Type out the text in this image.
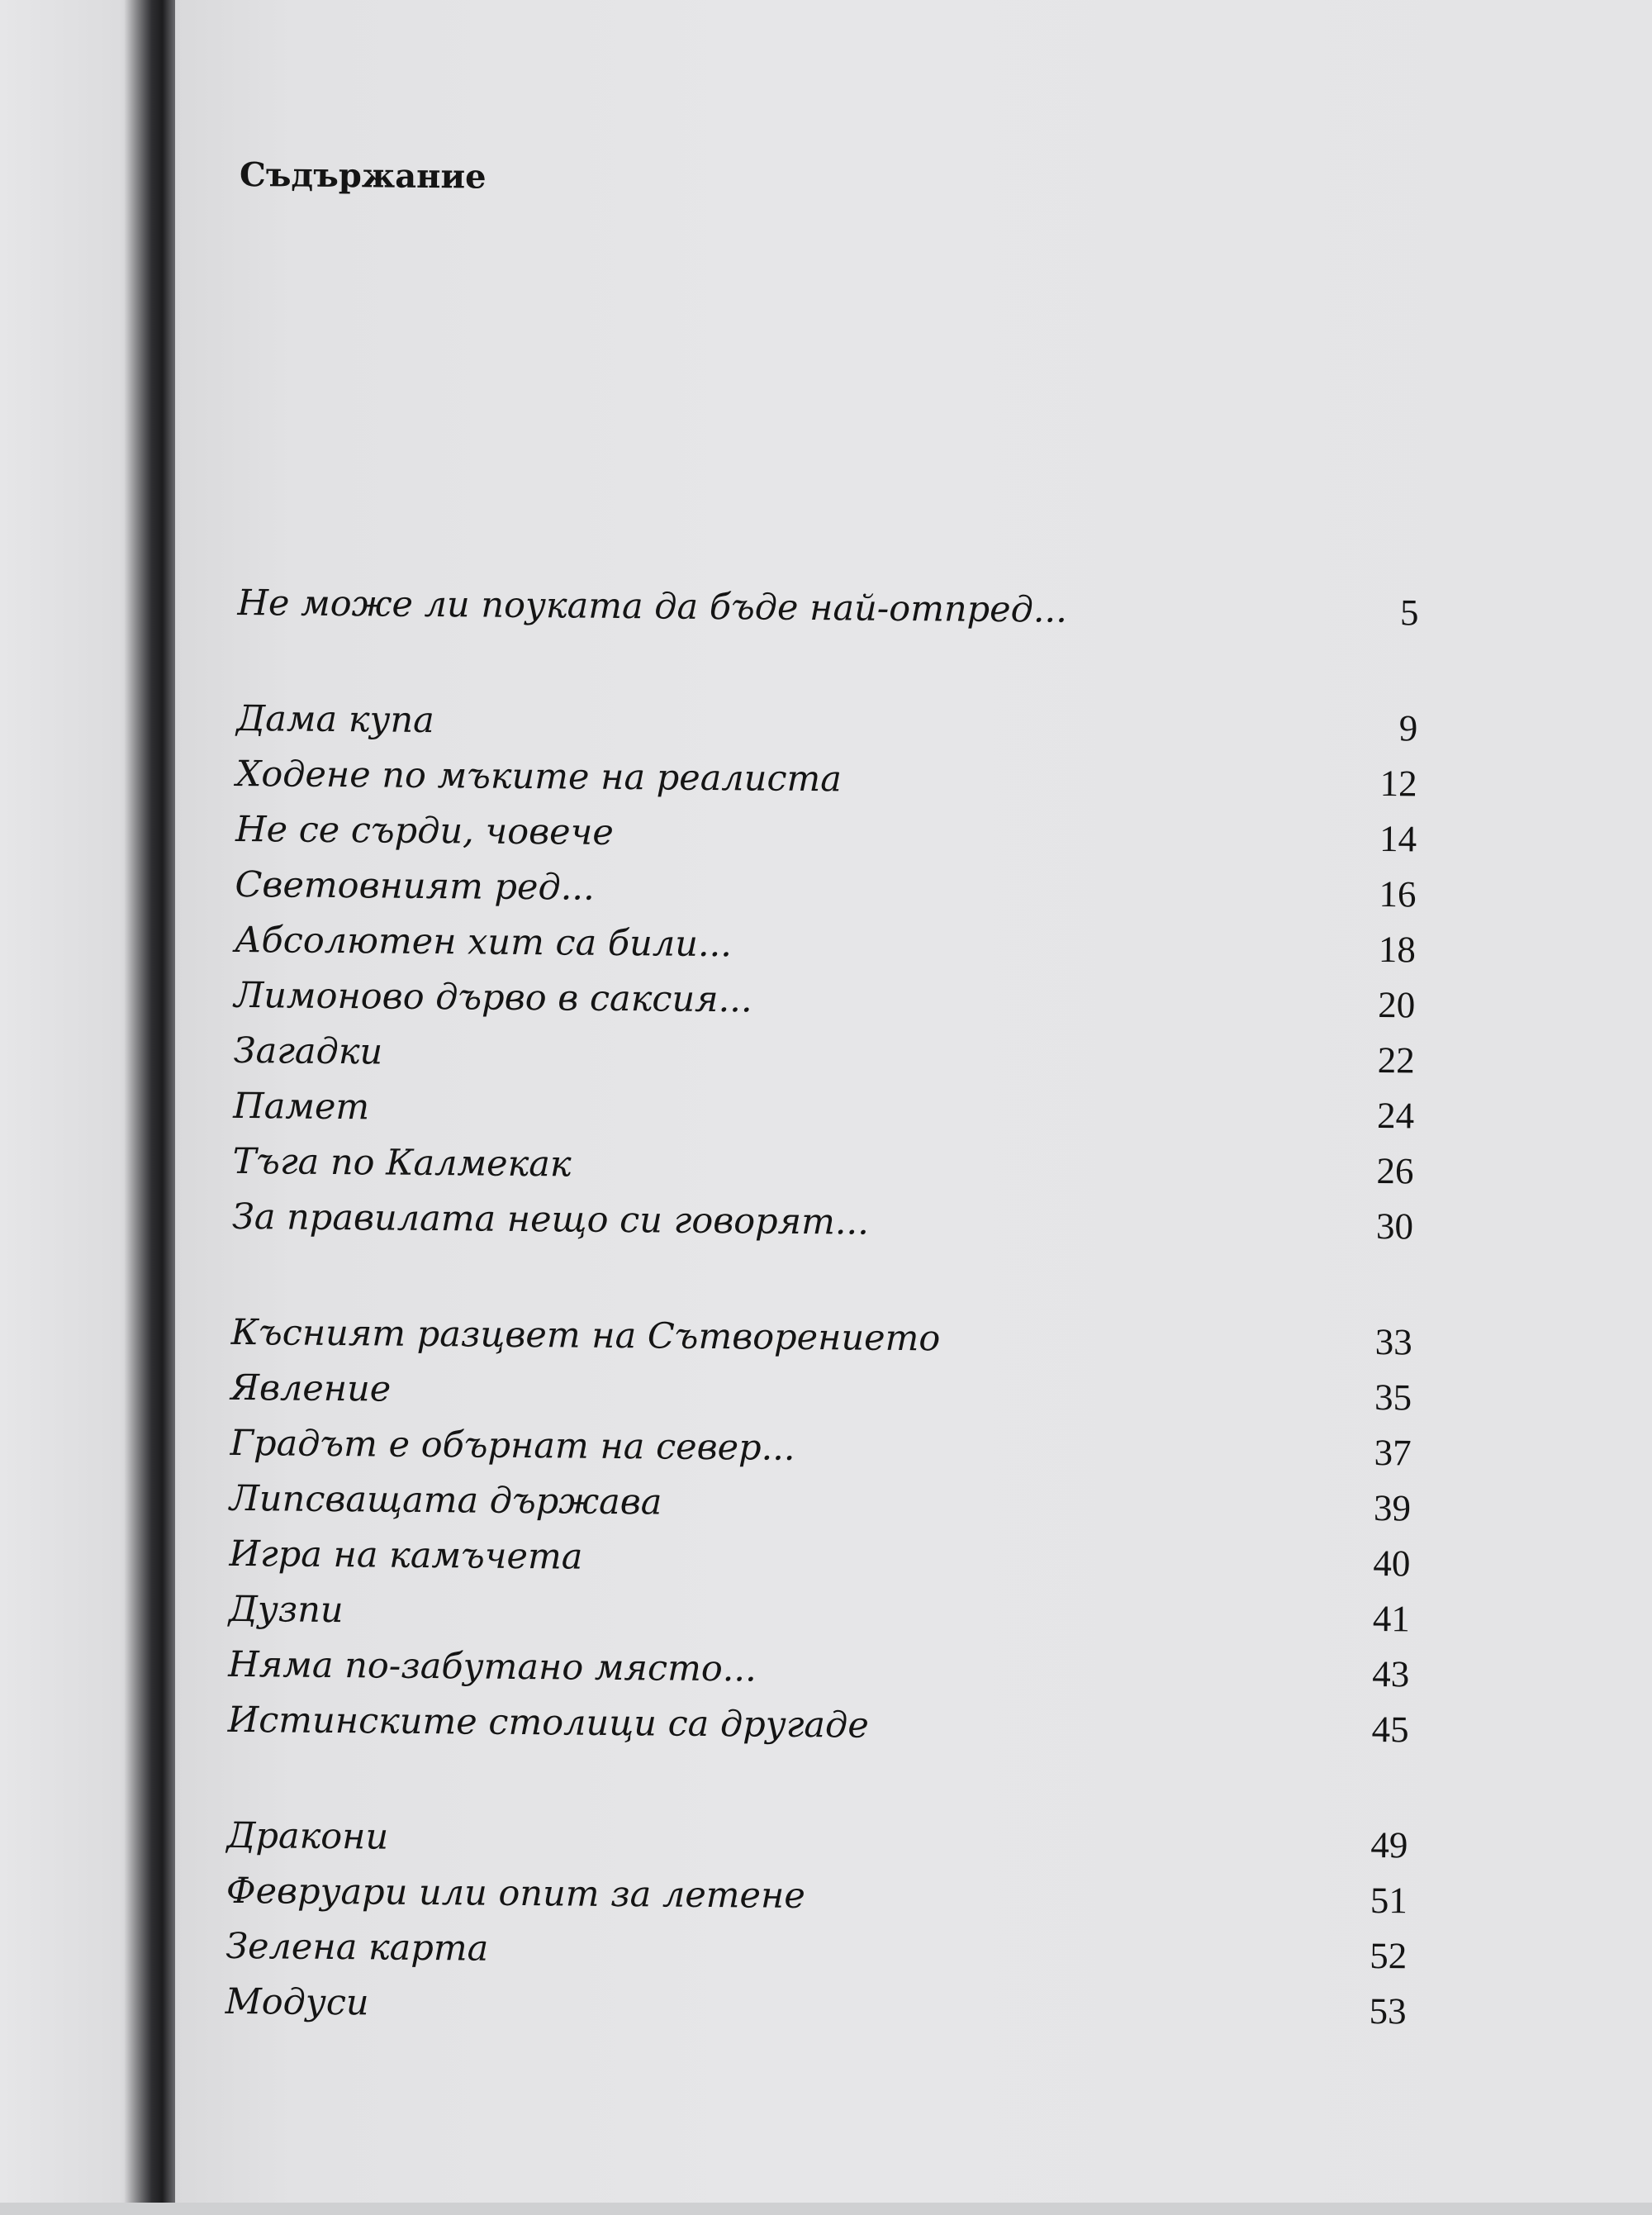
Съдържание
Не може ли поуката да бъде най-отпред...	5
Дама купа	9
Ходене по мъките на реалиста	12
Не се сърди, човече	14
Световният ред...	16
Абсолютен хит са били...	18
Лимоново дърво в саксия...	20
Загадки	22
Памет	24
Тъга по Калмекак	26
За правилата нещо си говорят...	30
Късният разцвет на Сътворението	33
Явление	35
Градът е обърнат на север...	37
Липсващата държава	39
Игра на камъчета	40
Дузпи	41
Няма по-забутано място...	43
Истинските столици са другаде	45
Дракони	49
Февруари или опит за летене	51
Зелена карта	52
Модуси	53
